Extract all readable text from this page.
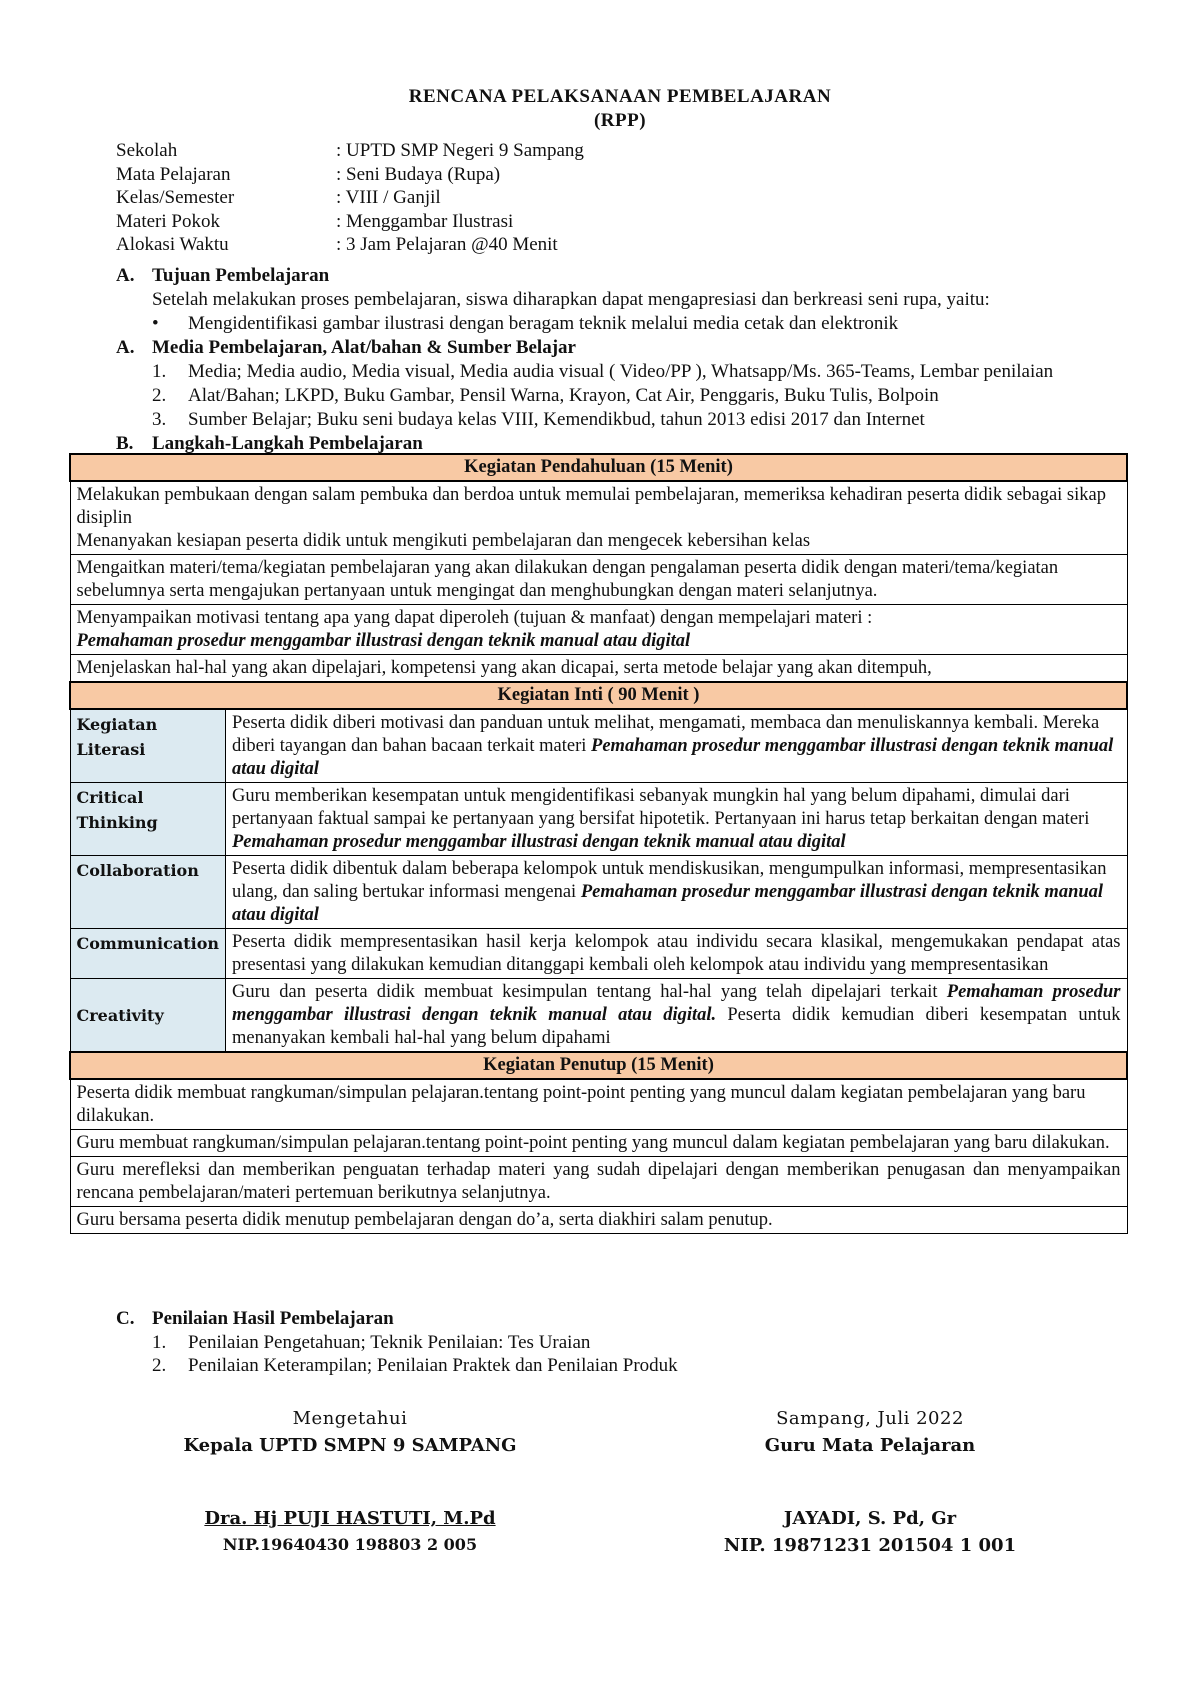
RENCANA PELAKSANAAN PEMBELAJARAN
(RPP)
Sekolah	: UPTD SMP Negeri 9 Sampang
Mata Pelajaran	: Seni Budaya (Rupa)
Kelas/Semester	: VIII / Ganjil
Materi Pokok	: Menggambar Ilustrasi
Alokasi Waktu	: 3 Jam Pelajaran @40 Menit
A. Tujuan Pembelajaran
Setelah melakukan proses pembelajaran, siswa diharapkan dapat mengapresiasi dan berkreasi seni rupa, yaitu:
•	Mengidentifikasi gambar ilustrasi dengan beragam teknik melalui media cetak dan elektronik
A. Media Pembelajaran, Alat/bahan & Sumber Belajar
1.	Media; Media audio, Media visual, Media audia visual ( Video/PP ), Whatsapp/Ms. 365-Teams, Lembar penilaian
2.	Alat/Bahan; LKPD, Buku Gambar, Pensil Warna, Krayon, Cat Air, Penggaris, Buku Tulis, Bolpoin
3.	Sumber Belajar; Buku seni budaya kelas VIII, Kemendikbud, tahun 2013 edisi 2017 dan Internet
B. Langkah-Langkah Pembelajaran
Kegiatan Pendahuluan (15 Menit)	

Melakukan pembukaan dengan salam pembuka dan berdoa untuk memulai pembelajaran, memeriksa kehadiran peserta didik sebagai sikap disiplin
Menanyakan kesiapan peserta didik untuk mengikuti pembelajaran dan mengecek kebersihan kelas	

Mengaitkan materi/tema/kegiatan pembelajaran yang akan dilakukan dengan pengalaman peserta didik dengan materi/tema/kegiatan sebelumnya serta mengajukan pertanyaan untuk mengingat dan menghubungkan dengan materi selanjutnya.	

Menyampaikan motivasi tentang apa yang dapat diperoleh (tujuan & manfaat) dengan mempelajari materi :
Pemahaman prosedur menggambar illustrasi dengan teknik manual atau digital	

Menjelaskan hal-hal yang akan dipelajari, kompetensi yang akan dicapai, serta metode belajar yang akan ditempuh,	
Kegiatan Inti ( 90 Menit )	
Kegiatan Literasi	Peserta didik diberi motivasi dan panduan untuk melihat, mengamati, membaca dan menuliskannya kembali. Mereka diberi tayangan dan bahan bacaan terkait materi Pemahaman prosedur menggambar illustrasi dengan teknik manual atau digital
Critical Thinking	Guru memberikan kesempatan untuk mengidentifikasi sebanyak mungkin hal yang belum dipahami, dimulai dari pertanyaan faktual sampai ke pertanyaan yang bersifat hipotetik. Pertanyaan ini harus tetap berkaitan dengan materi Pemahaman prosedur menggambar illustrasi dengan teknik manual atau digital
Collaboration	Peserta didik dibentuk dalam beberapa kelompok untuk mendiskusikan, mengumpulkan informasi, mempresentasikan ulang, dan saling bertukar informasi mengenai Pemahaman prosedur menggambar illustrasi dengan teknik manual atau digital
Communication	Peserta didik mempresentasikan hasil kerja kelompok atau individu secara klasikal, mengemukakan pendapat atas presentasi yang dilakukan kemudian ditanggapi kembali oleh kelompok atau individu yang mempresentasikan
Creativity	Guru dan peserta didik membuat kesimpulan tentang hal-hal yang telah dipelajari terkait Pemahaman prosedur menggambar illustrasi dengan teknik manual atau digital. Peserta didik kemudian diberi kesempatan untuk menanyakan kembali hal-hal yang belum dipahami
Kegiatan Penutup (15 Menit)	
Peserta didik membuat rangkuman/simpulan pelajaran.tentang point-point penting yang muncul dalam kegiatan pembelajaran yang baru dilakukan.	
Guru membuat rangkuman/simpulan pelajaran.tentang point-point penting yang muncul dalam kegiatan pembelajaran yang baru dilakukan.	
Guru merefleksi dan memberikan penguatan terhadap materi yang sudah dipelajari dengan memberikan penugasan dan menyampaikan rencana pembelajaran/materi pertemuan berikutnya selanjutnya.	
Guru bersama peserta didik menutup pembelajaran dengan do’a, serta diakhiri salam penutup.	
C. Penilaian Hasil Pembelajaran
1.	Penilaian Pengetahuan; Teknik Penilaian: Tes Uraian
2.	Penilaian Keterampilan; Penilaian Praktek dan Penilaian Produk
Mengetahui
Kepala UPTD SMPN 9 SAMPANG
Dra. Hj PUJI HASTUTI, M.Pd
NIP.19640430 198803 2 005
Sampang, Juli 2022
Guru Mata Pelajaran
JAYADI, S. Pd, Gr
NIP. 19871231 201504 1 001
